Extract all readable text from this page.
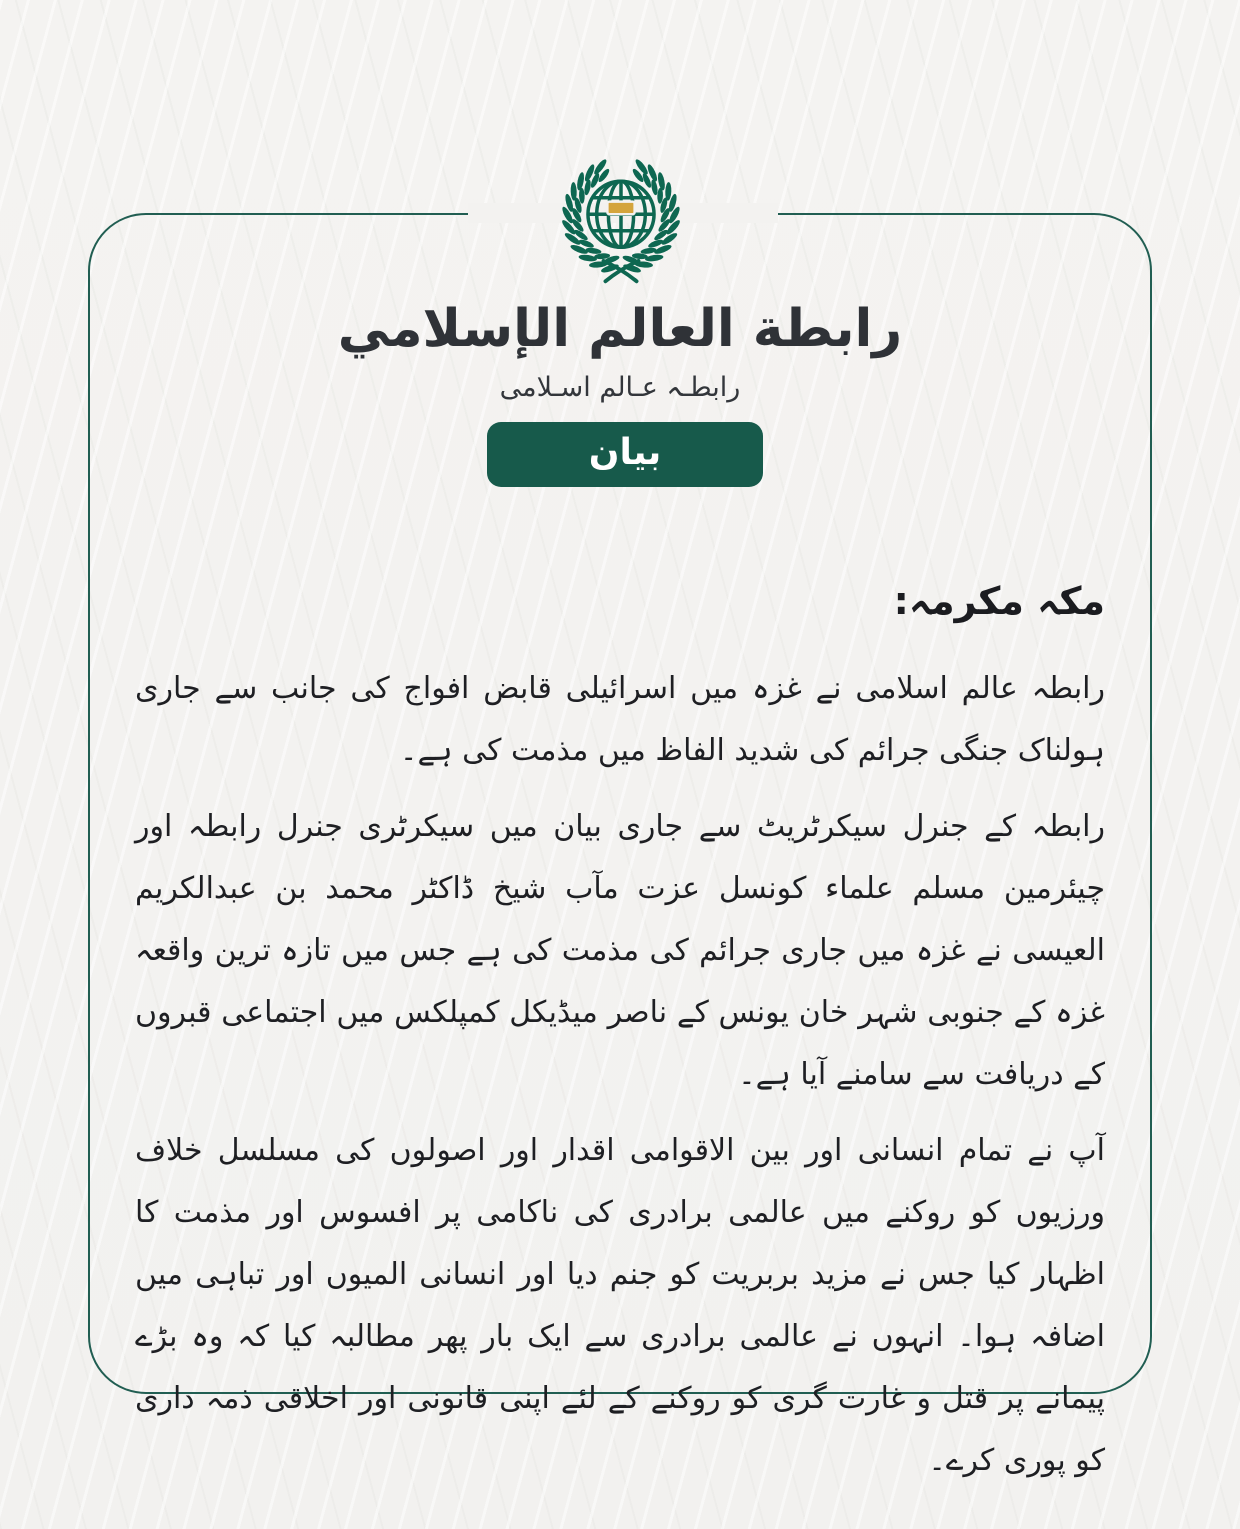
رابطة العالم الإسلامي
رابطـہ عـالم اسـلامی
بیان
مکہ مکرمہ:

رابطہ عالم اسلامی نے غزہ میں اسرائیلی قابض افواج کی جانب سے جاری ہولناک جنگی جرائم کی شدید الفاظ میں مذمت کی ہے۔

رابطہ کے جنرل سیکرٹریٹ سے جاری بیان میں سیکرٹری جنرل رابطہ اور چیئرمین مسلم علماء کونسل عزت مآب شیخ ڈاکٹر محمد بن عبدالکریم العیسی نے غزہ میں جاری جرائم کی مذمت کی ہے جس میں تازہ ترین واقعہ غزہ کے جنوبی شہر خان یونس کے ناصر میڈیکل کمپلکس میں اجتماعی قبروں کے دریافت سے سامنے آیا ہے۔

آپ نے تمام انسانی اور بین الاقوامی اقدار اور اصولوں کی مسلسل خلاف ورزیوں کو روکنے میں عالمی برادری کی ناکامی پر افسوس اور مذمت کا اظہار کیا جس نے مزید بربریت کو جنم دیا اور انسانی المیوں اور تباہی میں اضافہ ہوا۔ انہوں نے عالمی برادری سے ایک بار پھر مطالبہ کیا کہ وہ بڑے پیمانے پر قتل و غارت گری کو روکنے کے لئے اپنی قانونی اور اخلاقی ذمہ داری کو پوری کرے۔
